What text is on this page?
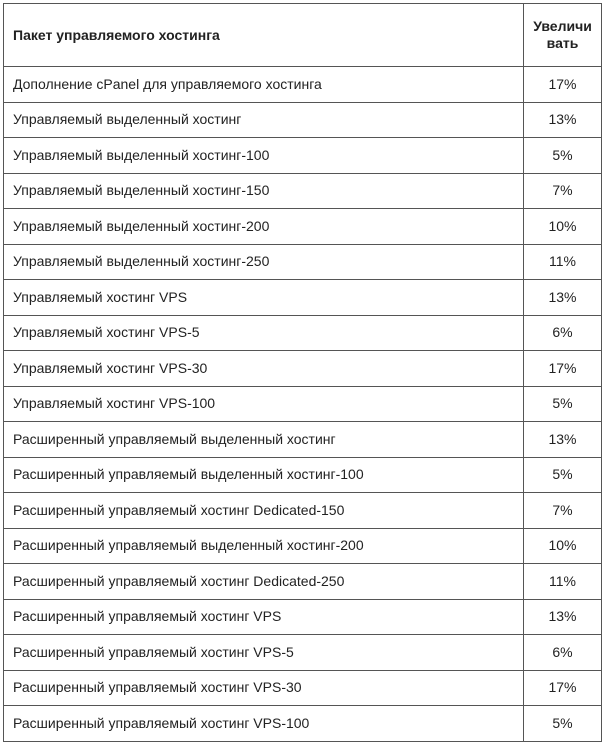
Пакет управляемого хостинга	Увеличи
вать
Дополнение cPanel для управляемого хостинга	17%
Управляемый выделенный хостинг	13%
Управляемый выделенный хостинг-100	5%
Управляемый выделенный хостинг-150	7%
Управляемый выделенный хостинг-200	10%
Управляемый выделенный хостинг-250	11%
Управляемый хостинг VPS	13%
Управляемый хостинг VPS-5	6%
Управляемый хостинг VPS-30	17%
Управляемый хостинг VPS-100	5%
Расширенный управляемый выделенный хостинг	13%
Расширенный управляемый выделенный хостинг-100	5%
Расширенный управляемый хостинг Dedicated-150	7%
Расширенный управляемый выделенный хостинг-200	10%
Расширенный управляемый хостинг Dedicated-250	11%
Расширенный управляемый хостинг VPS	13%
Расширенный управляемый хостинг VPS-5	6%
Расширенный управляемый хостинг VPS-30	17%
Расширенный управляемый хостинг VPS-100	5%
